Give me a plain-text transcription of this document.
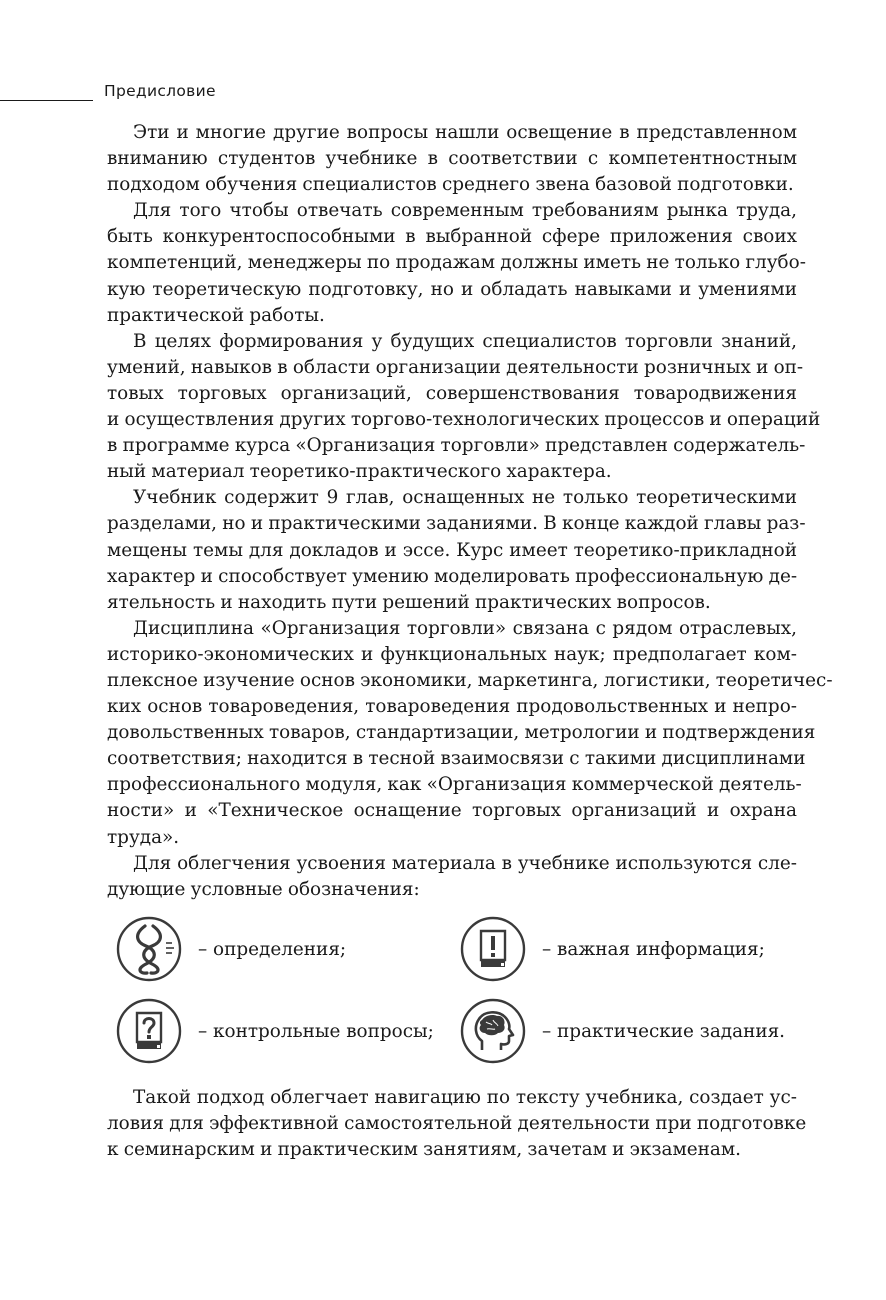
Предисловие
Эти и многие другие вопросы нашли освещение в представленном
вниманию студентов учебнике в соответствии с компетентностным
подходом обучения специалистов среднего звена базовой подготовки.
Для того чтобы отвечать современным требованиям рынка труда,
быть конкурентоспособными в выбранной сфере приложения своих
компетенций, менеджеры по продажам должны иметь не только глубо-
кую теоретическую подготовку, но и обладать навыками и умениями
практической работы.
В целях формирования у будущих специалистов торговли знаний,
умений, навыков в области организации деятельности розничных и оп-
товых торговых организаций, совершенствования товародвижения
и осуществления других торгово-технологических процессов и операций
в программе курса «Организация торговли» представлен содержатель-
ный материал теоретико-практического характера.
Учебник содержит 9 глав, оснащенных не только теоретическими
разделами, но и практическими заданиями. В конце каждой главы раз-
мещены темы для докладов и эссе. Курс имеет теоретико-прикладной
характер и способствует умению моделировать профессиональную де-
ятельность и находить пути решений практических вопросов.
Дисциплина «Организация торговли» связана с рядом отраслевых,
историко-экономических и функциональных наук; предполагает ком-
плексное изучение основ экономики, маркетинга, логистики, теоретичес-
ких основ товароведения, товароведения продовольственных и непро-
довольственных товаров, стандартизации, метрологии и подтверждения
соответствия; находится в тесной взаимосвязи с такими дисциплинами
профессионального модуля, как «Организация коммерческой деятель-
ности» и «Техническое оснащение торговых организаций и охрана
труда».
Для облегчения усвоения материала в учебнике используются сле-
дующие условные обозначения:
– определения;	– важная информация;
– контрольные вопросы;	– практические задания.
Такой подход облегчает навигацию по тексту учебника, создает ус-
ловия для эффективной самостоятельной деятельности при подготовке
к семинарским и практическим занятиям, зачетам и экзаменам.
